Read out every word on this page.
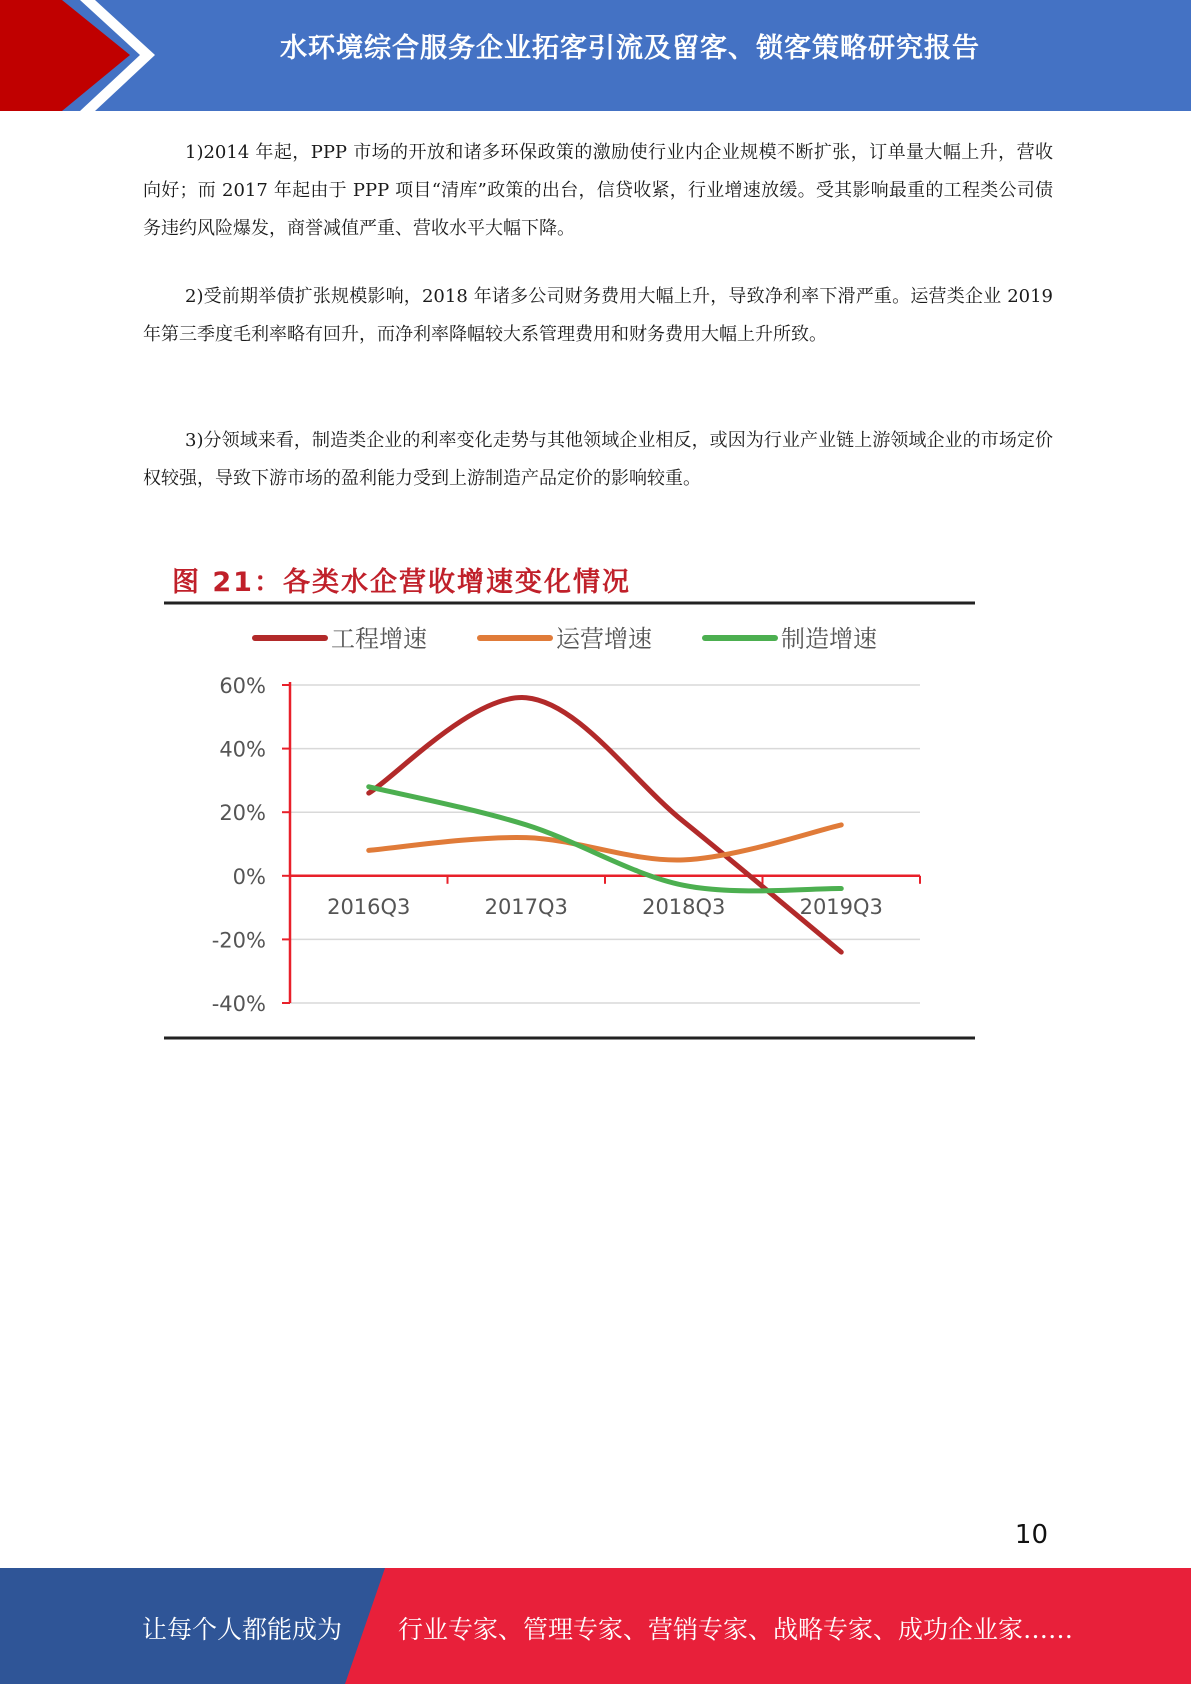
水环境综合服务企业拓客引流及留客、锁客策略研究报告

1)2014 年起，PPP 市场的开放和诸多环保政策的激励使行业内企业规模不断扩张，订单量大幅上升，营收向好；而 2017 年起由于 PPP 项目“清库”政策的出台，信贷收紧，行业增速放缓。受其影响最重的工程类公司债务违约风险爆发，商誉减值严重、营收水平大幅下降。

2)受前期举债扩张规模影响，2018 年诸多公司财务费用大幅上升，导致净利率下滑严重。运营类企业 2019 年第三季度毛利率略有回升，而净利率降幅较大系管理费用和财务费用大幅上升所致。

3)分领域来看，制造类企业的利率变化走势与其他领域企业相反，或因为行业产业链上游领域企业的市场定价权较强，导致下游市场的盈利能力受到上游制造产品定价的影响较重。

图 21：各类水企营收增速变化情况
工程增速	运营增速	制造增速
60%
40%
20%
0%
-20%
-40%
2016Q3	2017Q3	2018Q3	2019Q3
10
让每个人都能成为 行业专家、管理专家、营销专家、战略专家、成功企业家……
